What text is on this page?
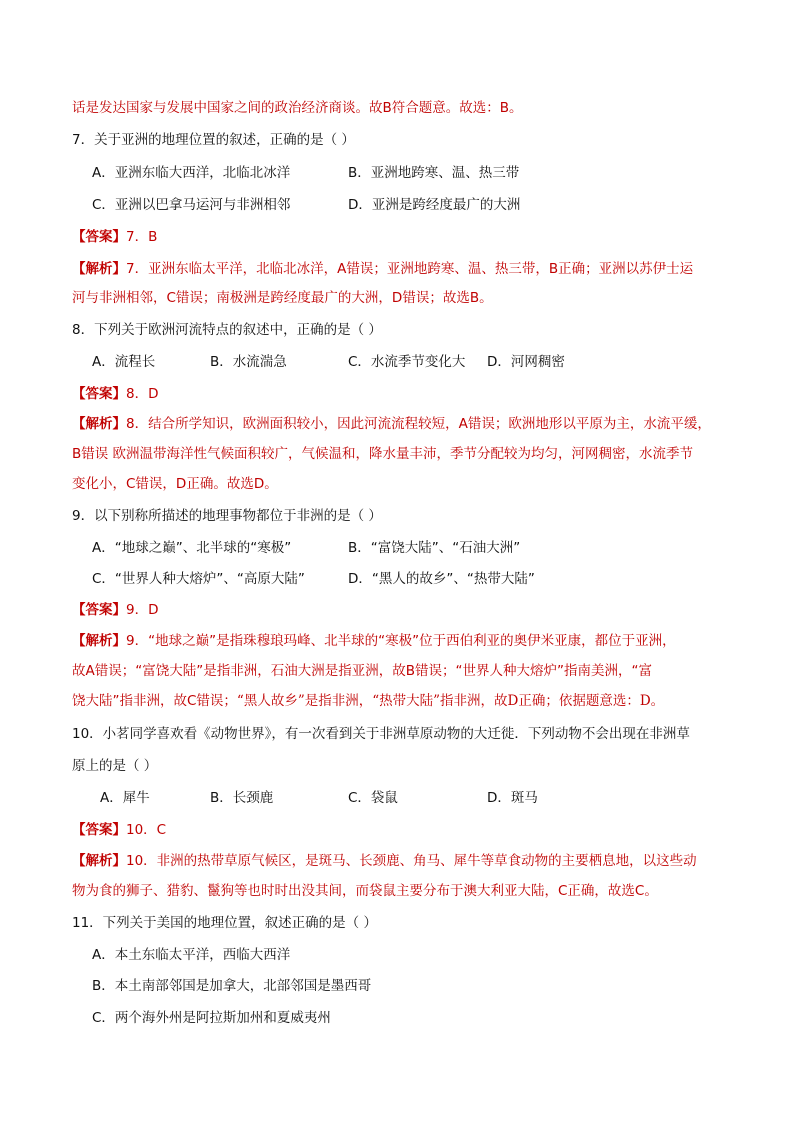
话是发达国家与发展中国家之间的政治经济商谈。故B符合题意。故选：B。
7．关于亚洲的地理位置的叙述，正确的是（ ）
A．亚洲东临大西洋，北临北冰洋	B．亚洲地跨寒、温、热三带
C．亚洲以巴拿马运河与非洲相邻	D．亚洲是跨经度最广的大洲
【答案】7．B
【解析】7．亚洲东临太平洋，北临北冰洋，A错误；亚洲地跨寒、温、热三带，B正确；亚洲以苏伊士运
河与非洲相邻，C错误；南极洲是跨经度最广的大洲，D错误；故选B。
8．下列关于欧洲河流特点的叙述中，正确的是（ ）
A．流程长	B．水流湍急	C．水流季节变化大 D．河网稠密
【答案】8．D
【解析】8．结合所学知识，欧洲面积较小，因此河流流程较短，A错误；欧洲地形以平原为主，水流平缓，
B错误 欧洲温带海洋性气候面积较广，气候温和，降水量丰沛，季节分配较为均匀，河网稠密，水流季节
变化小，C错误，D正确。故选D。
9．以下别称所描述的地理事物都位于非洲的是（ ）
A．“地球之巅”、北半球的“寒极”	B．“富饶大陆”、“石油大洲”
C．“世界人种大熔炉”、“高原大陆”	D．“黑人的故乡”、“热带大陆”
【答案】9．D
【解析】9．“地球之巅”是指珠穆琅玛峰、北半球的“寒极”位于西伯利亚的奥伊米亚康，都位于亚洲，
故A错误；“富饶大陆”是指非洲，石油大洲是指亚洲，故B错误；“世界人种大熔炉”指南美洲，“富
饶大陆”指非洲，故C错误；“黑人故乡”是指非洲，“热带大陆”指非洲，故D正确；依据题意选：D。
10．小茗同学喜欢看《动物世界》，有一次看到关于非洲草原动物的大迁徙．下列动物不会出现在非洲草
原上的是（ ）
A．犀牛	B．长颈鹿	C．袋鼠	D．斑马
【答案】10．C
【解析】10．非洲的热带草原气候区，是斑马、长颈鹿、角马、犀牛等草食动物的主要栖息地，以这些动
物为食的狮子、猎豹、鬣狗等也时时出没其间，而袋鼠主要分布于澳大利亚大陆，C正确，故选C。
11．下列关于美国的地理位置，叙述正确的是（ ）
A．本土东临太平洋，西临大西洋
B．本土南部邻国是加拿大，北部邻国是墨西哥
C．两个海外州是阿拉斯加州和夏威夷州
